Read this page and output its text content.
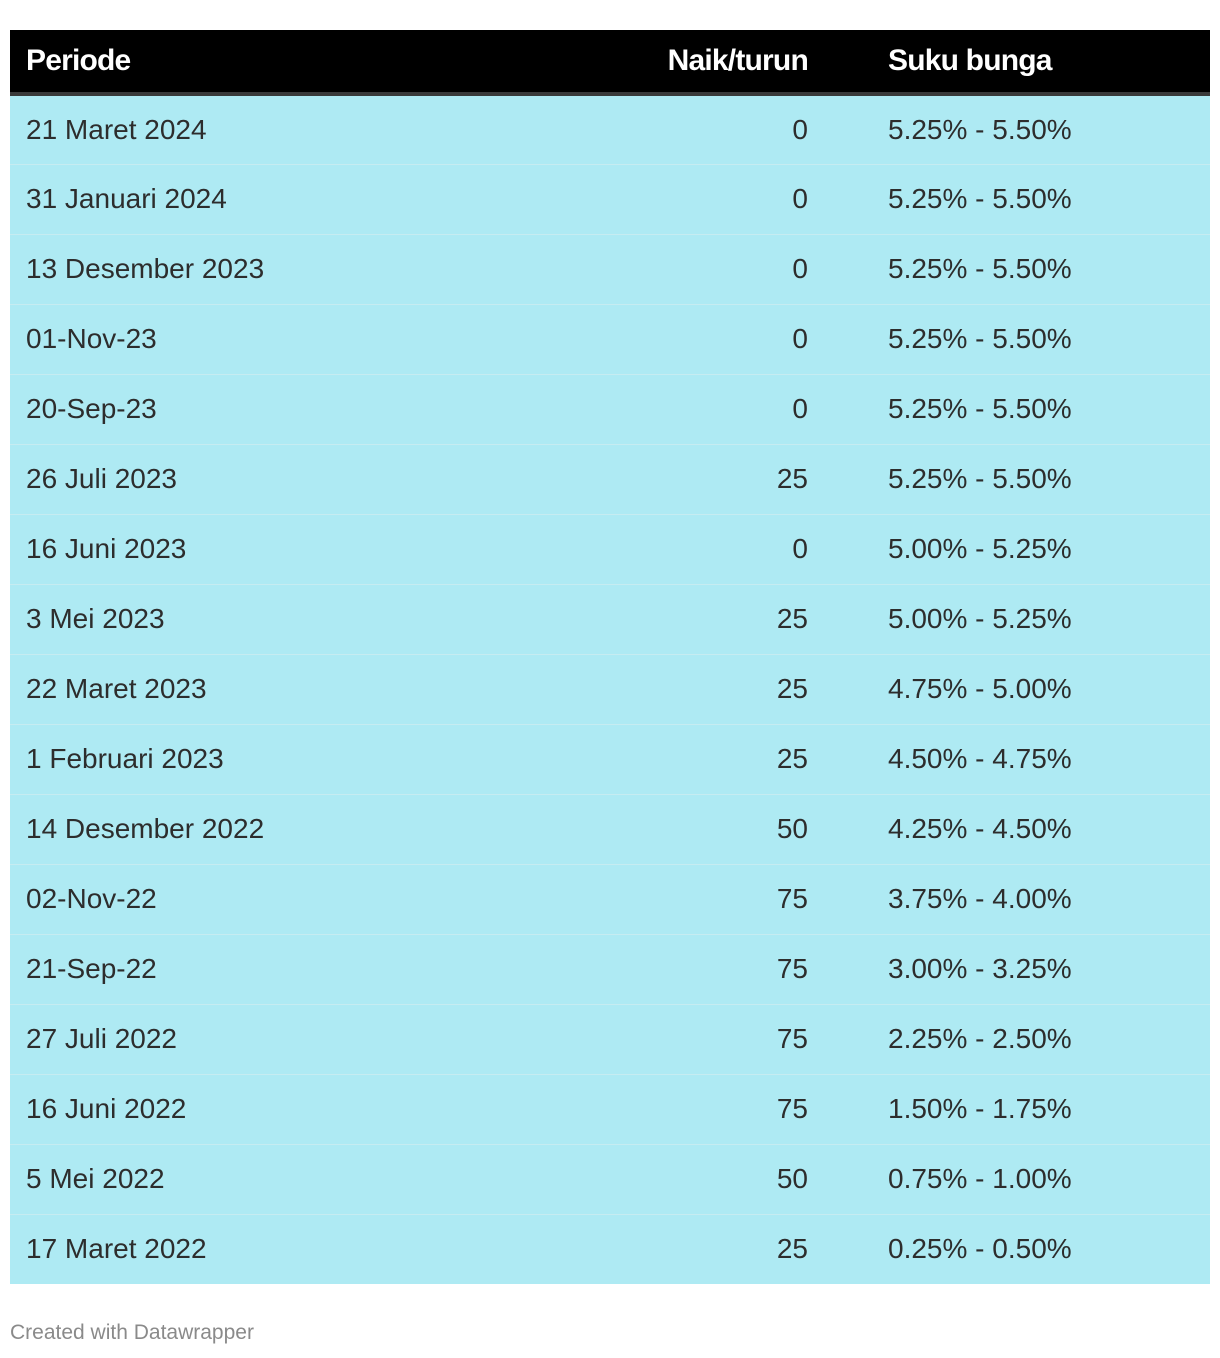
Periode	Naik/turun	Suku bunga
21 Maret 2024	0	5.25% - 5.50%
31 Januari 2024	0	5.25% - 5.50%
13 Desember 2023	0	5.25% - 5.50%
01-Nov-23	0	5.25% - 5.50%
20-Sep-23	0	5.25% - 5.50%
26 Juli 2023	25	5.25% - 5.50%
16 Juni 2023	0	5.00% - 5.25%
3 Mei 2023	25	5.00% - 5.25%
22 Maret 2023	25	4.75% - 5.00%
1 Februari 2023	25	4.50% - 4.75%
14 Desember 2022	50	4.25% - 4.50%
02-Nov-22	75	3.75% - 4.00%
21-Sep-22	75	3.00% - 3.25%
27 Juli 2022	75	2.25% - 2.50%
16 Juni 2022	75	1.50% - 1.75%
5 Mei 2022	50	0.75% - 1.00%
17 Maret 2022	25	0.25% - 0.50%
Created with Datawrapper
